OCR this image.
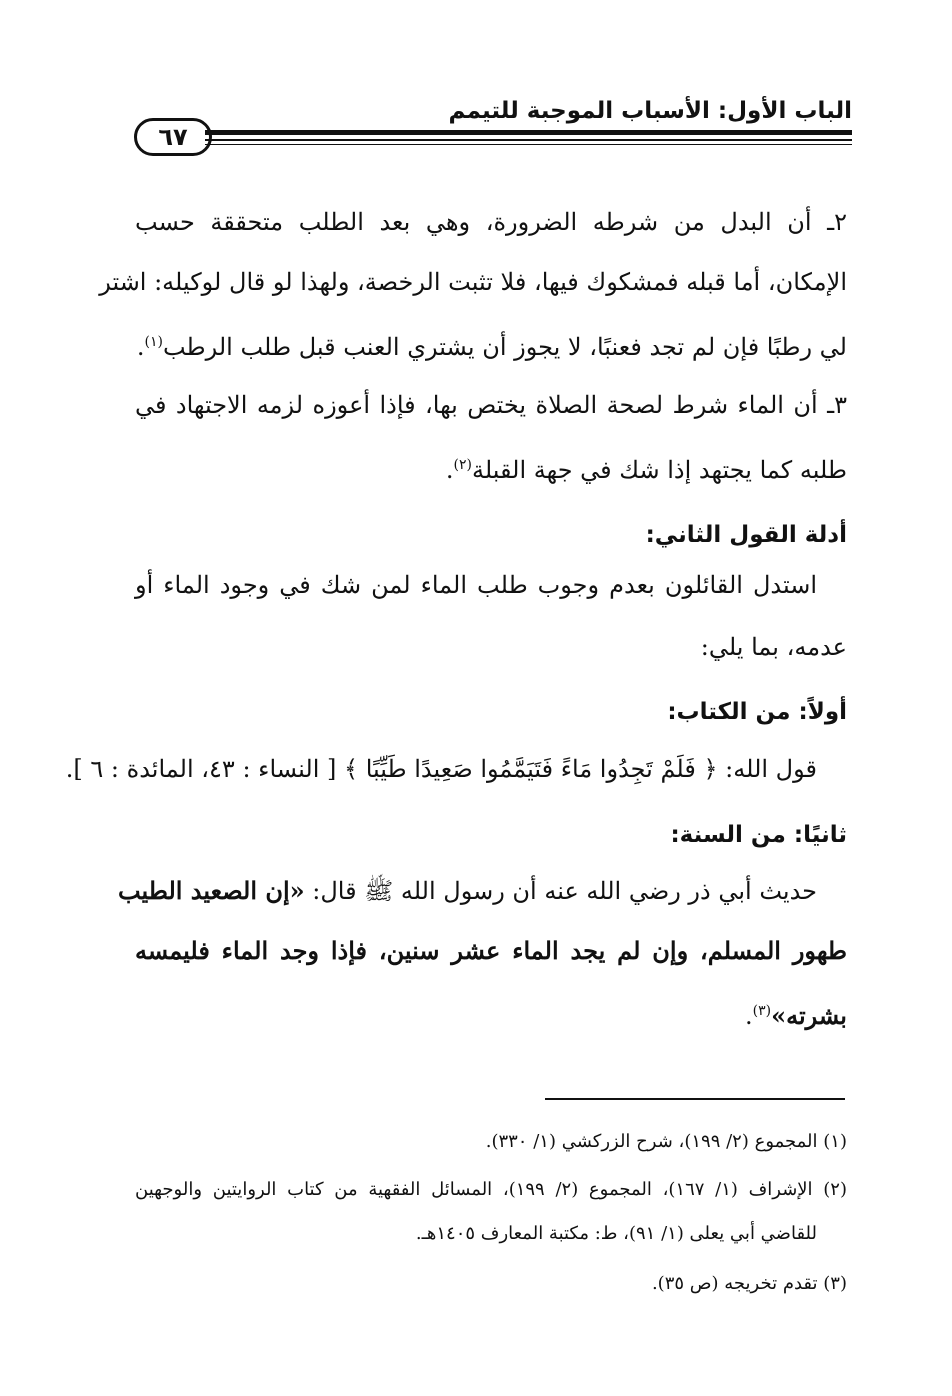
الباب الأول: الأسباب الموجبة للتيمم
٦٧
٢ـ أن البدل من شرطه الضرورة، وهي بعد الطلب متحققة حسب
الإمكان، أما قبله فمشكوك فيها، فلا تثبت الرخصة، ولهذا لو قال لوكيله: اشتر
لي رطبًا فإن لم تجد فعنبًا، لا يجوز أن يشتري العنب قبل طلب الرطب$^{(١)}$.
٣ـ أن الماء شرط لصحة الصلاة يختص بها، فإذا أعوزه لزمه الاجتهاد في
طلبه كما يجتهد إذا شك في جهة القبلة$^{(٢)}$.
أدلة القول الثاني:
استدل القائلون بعدم وجوب طلب الماء لمن شك في وجود الماء أو
عدمه، بما يلي:
أولاً: من الكتاب:
قول الله: ﴿ فَلَمْ تَجِدُوا مَاءً فَتَيَمَّمُوا صَعِيدًا طَيِّبًا ﴾ [ النساء : ٤٣، المائدة : ٦ ].
ثانيًا: من السنة:
حديث أبي ذر رضي الله عنه أن رسول الله ﷺ قال: «إن الصعيد الطيب
طهور المسلم، وإن لم يجد الماء عشر سنين، فإذا وجد الماء فليمسه
بشرته»$^{(٣)}$.
(١) المجموع (٢/ ١٩٩)، شرح الزركشي (١/ ٣٣٠).
(٢) الإشراف (١/ ١٦٧)، المجموع (٢/ ١٩٩)، المسائل الفقهية من كتاب الروايتين والوجهين
للقاضي أبي يعلى (١/ ٩١)، ط: مكتبة المعارف ١٤٠٥هـ.
(٣) تقدم تخريجه (ص ٣٥).
